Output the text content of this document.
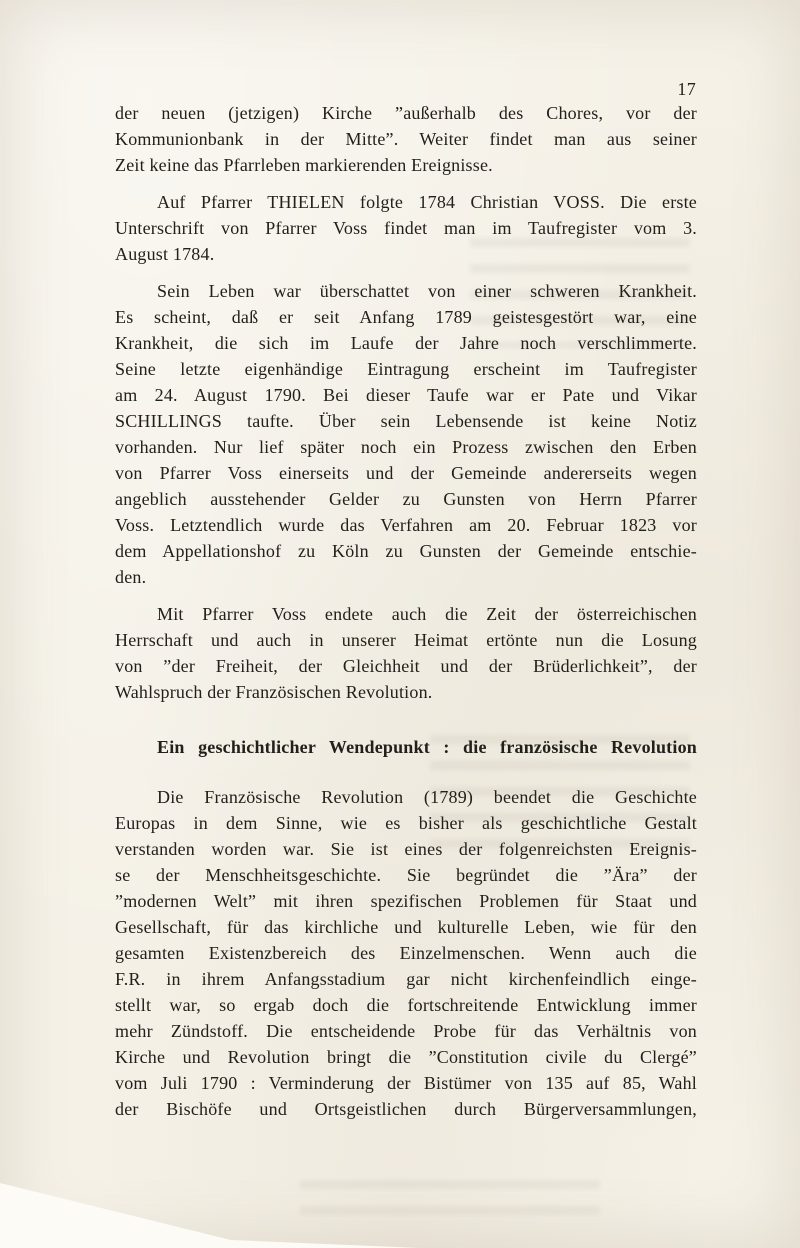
17
der neuen (jetzigen) Kirche ”außerhalb des Chores, vor der
Kommunionbank in der Mitte”. Weiter findet man aus seiner
Zeit keine das Pfarrleben markierenden Ereignisse.
Auf Pfarrer THIELEN folgte 1784 Christian VOSS. Die erste
Unterschrift von Pfarrer Voss findet man im Taufregister vom 3.
August 1784.
Sein Leben war überschattet von einer schweren Krankheit.
Es scheint, daß er seit Anfang 1789 geistesgestört war, eine
Krankheit, die sich im Laufe der Jahre noch verschlimmerte.
Seine letzte eigenhändige Eintragung erscheint im Taufregister
am 24. August 1790. Bei dieser Taufe war er Pate und Vikar
SCHILLINGS taufte. Über sein Lebensende ist keine Notiz
vorhanden. Nur lief später noch ein Prozess zwischen den Erben
von Pfarrer Voss einerseits und der Gemeinde andererseits wegen
angeblich ausstehender Gelder zu Gunsten von Herrn Pfarrer
Voss. Letztendlich wurde das Verfahren am 20. Februar 1823 vor
dem Appellationshof zu Köln zu Gunsten der Gemeinde entschie-
den.
Mit Pfarrer Voss endete auch die Zeit der österreichischen
Herrschaft und auch in unserer Heimat ertönte nun die Losung
von ”der Freiheit, der Gleichheit und der Brüderlichkeit”, der
Wahlspruch der Französischen Revolution.
Ein geschichtlicher Wendepunkt : die französische Revolution
Die Französische Revolution (1789) beendet die Geschichte
Europas in dem Sinne, wie es bisher als geschichtliche Gestalt
verstanden worden war. Sie ist eines der folgenreichsten Ereignis-
se der Menschheitsgeschichte. Sie begründet die ”Ära” der
”modernen Welt” mit ihren spezifischen Problemen für Staat und
Gesellschaft, für das kirchliche und kulturelle Leben, wie für den
gesamten Existenzbereich des Einzelmenschen. Wenn auch die
F.R. in ihrem Anfangsstadium gar nicht kirchenfeindlich einge-
stellt war, so ergab doch die fortschreitende Entwicklung immer
mehr Zündstoff. Die entscheidende Probe für das Verhältnis von
Kirche und Revolution bringt die ”Constitution civile du Clergé”
vom Juli 1790 : Verminderung der Bistümer von 135 auf 85, Wahl
der Bischöfe und Ortsgeistlichen durch Bürgerversammlungen,
